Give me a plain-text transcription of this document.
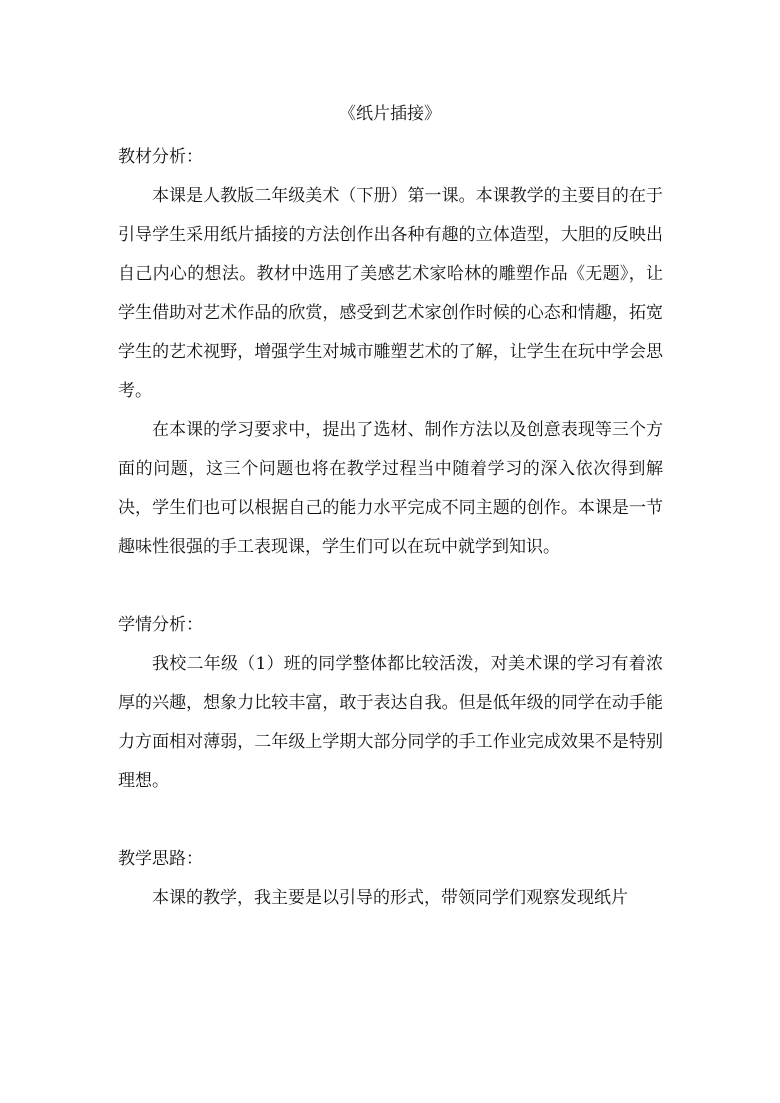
《纸片插接》

教材分析：

本课是人教版二年级美术（下册）第一课。本课教学的主要目的在于引导学生采用纸片插接的方法创作出各种有趣的立体造型，大胆的反映出自己内心的想法。教材中选用了美感艺术家哈林的雕塑作品《无题》，让学生借助对艺术作品的欣赏，感受到艺术家创作时候的心态和情趣，拓宽学生的艺术视野，增强学生对城市雕塑艺术的了解，让学生在玩中学会思考。

在本课的学习要求中，提出了选材、制作方法以及创意表现等三个方面的问题，这三个问题也将在教学过程当中随着学习的深入依次得到解决，学生们也可以根据自己的能力水平完成不同主题的创作。本课是一节趣味性很强的手工表现课，学生们可以在玩中就学到知识。

学情分析：

我校二年级（1）班的同学整体都比较活泼，对美术课的学习有着浓厚的兴趣，想象力比较丰富，敢于表达自我。但是低年级的同学在动手能力方面相对薄弱，二年级上学期大部分同学的手工作业完成效果不是特别理想。

教学思路：

本课的教学，我主要是以引导的形式，带领同学们观察发现纸片
